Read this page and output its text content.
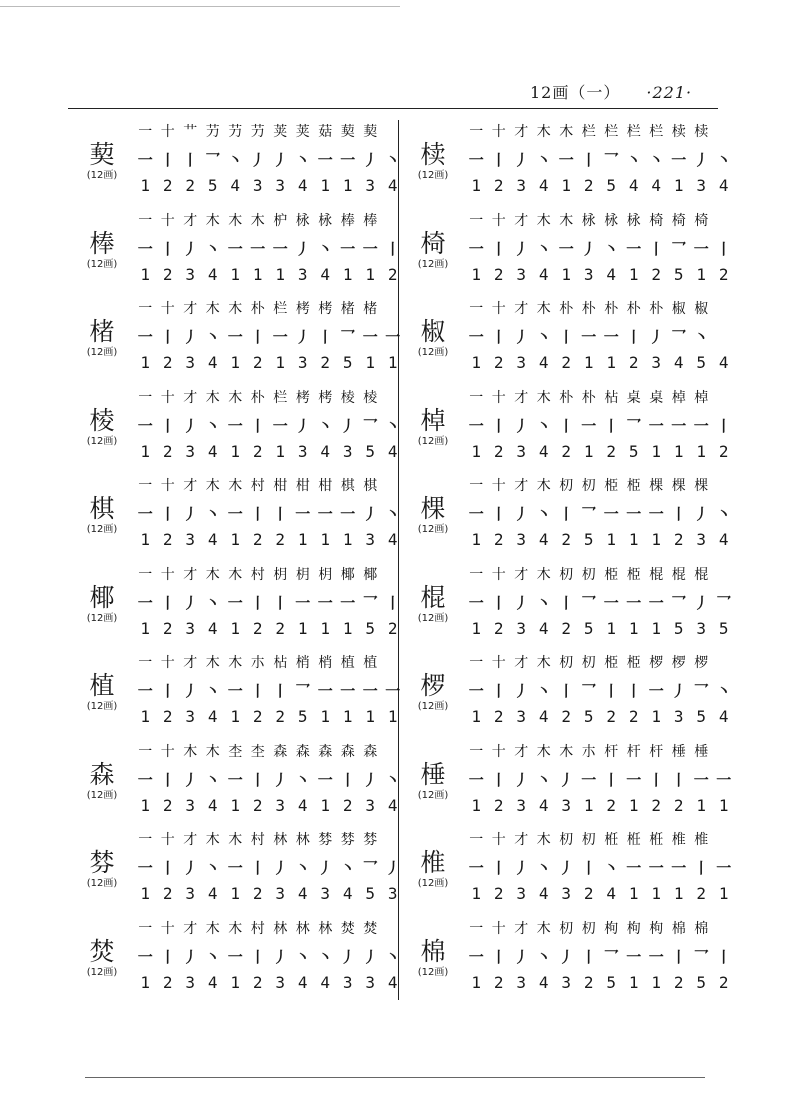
12画（一） ·221·
葜
(12画)
一 十 艹 芀 芀 芀 荚 荚 菇 葜 葜
一 丨 丨 乛 丶 丿 丿 丶 一 一 丿 丶
1 2 2 5 4 3 3 4 1 1 3 4
棒
(12画)
一 十 才 木 木 木 枦 栐 栐 棒 棒
一 丨 丿 丶 一 一 一 丿 丶 一 一 丨
1 2 3 4 1 1 1 3 4 1 1 2
楮
(12画)
一 十 才 木 木 朴 栏 栲 栲 楮 楮
一 丨 丿 丶 一 丨 一 丿 丨 乛 一 一
1 2 3 4 1 2 1 3 2 5 1 1
棱
(12画)
一 十 才 木 木 朴 栏 栲 栲 棱 棱
一 丨 丿 丶 一 丨 一 丿 丶 丿 乛 丶
1 2 3 4 1 2 1 3 4 3 5 4
棋
(12画)
一 十 才 木 木 村 柑 柑 柑 棋 棋
一 丨 丿 丶 一 丨 丨 一 一 一 丿 丶
1 2 3 4 1 2 2 1 1 1 3 4
椰
(12画)
一 十 才 木 木 村 枂 枂 枂 椰 椰
一 丨 丿 丶 一 丨 丨 一 一 一 乛 丨
1 2 3 4 1 2 2 1 1 1 5 2
植
(12画)
一 十 才 木 木 朩 枮 梢 梢 植 植
一 丨 丿 丶 一 丨 丨 乛 一 一 一 一
1 2 3 4 1 2 2 5 1 1 1 1
森
(12画)
一 十 木 木 杢 杢 森 森 森 森 森
一 丨 丿 丶 一 丨 丿 丶 一 丨 丿 丶
1 2 3 4 1 2 3 4 1 2 3 4
棼
(12画)
一 十 才 木 木 村 林 林 棼 棼 棼
一 丨 丿 丶 一 丨 丿 丶 丿 丶 乛 丿
1 2 3 4 1 2 3 4 3 4 5 3
焚
(12画)
一 十 才 木 木 村 林 林 林 焚 焚
一 丨 丿 丶 一 丨 丿 丶 丶 丿 丿 丶
1 2 3 4 1 2 3 4 4 3 3 4
椟
(12画)
一 十 才 木 木 栏 栏 栏 栏 椟 椟
一 丨 丿 丶 一 丨 乛 丶 丶 一 丿 丶
1 2 3 4 1 2 5 4 4 1 3 4
椅
(12画)
一 十 才 木 木 栐 栐 栐 椅 椅 椅
一 丨 丿 丶 一 丿 丶 一 丨 乛 一 丨
1 2 3 4 1 3 4 1 2 5 1 2
椒
(12画)
一 十 才 木 朴 朴 朴 朴 朴 椒 椒
一 丨 丿 丶 丨 一 一 丨 丿 乛 丶
1 2 3 4 2 1 1 2 3 4 5 4
棹
(12画)
一 十 才 木 朴 朴 枮 桌 桌 棹 棹
一 丨 丿 丶 丨 一 丨 乛 一 一 一 丨
1 2 3 4 2 1 2 5 1 1 1 2
棵
(12画)
一 十 才 木 朷 朷 栕 栕 棵 棵 棵
一 丨 丿 丶 丨 乛 一 一 一 丨 丿 丶
1 2 3 4 2 5 1 1 1 2 3 4
棍
(12画)
一 十 才 木 朷 朷 栕 栕 棍 棍 棍
一 丨 丿 丶 丨 乛 一 一 一 乛 丿 乛
1 2 3 4 2 5 1 1 1 5 3 5
椤
(12画)
一 十 才 木 朷 朷 栕 栕 椤 椤 椤
一 丨 丿 丶 丨 乛 丨 丨 一 丿 乛 丶
1 2 3 4 2 5 2 2 1 3 5 4
棰
(12画)
一 十 才 木 木 朩 杆 杆 杆 棰 棰
一 丨 丿 丶 丿 一 丨 一 丨 丨 一 一
1 2 3 4 3 1 2 1 2 2 1 1
椎
(12画)
一 十 才 木 朷 朷 栣 栣 栣 椎 椎
一 丨 丿 丶 丿 丨 丶 一 一 一 丨 一
1 2 3 4 3 2 4 1 1 1 2 1
棉
(12画)
一 十 才 木 朷 朷 枸 枸 枸 棉 棉
一 丨 丿 丶 丿 丨 乛 一 一 丨 乛 丨
1 2 3 4 3 2 5 1 1 2 5 2
